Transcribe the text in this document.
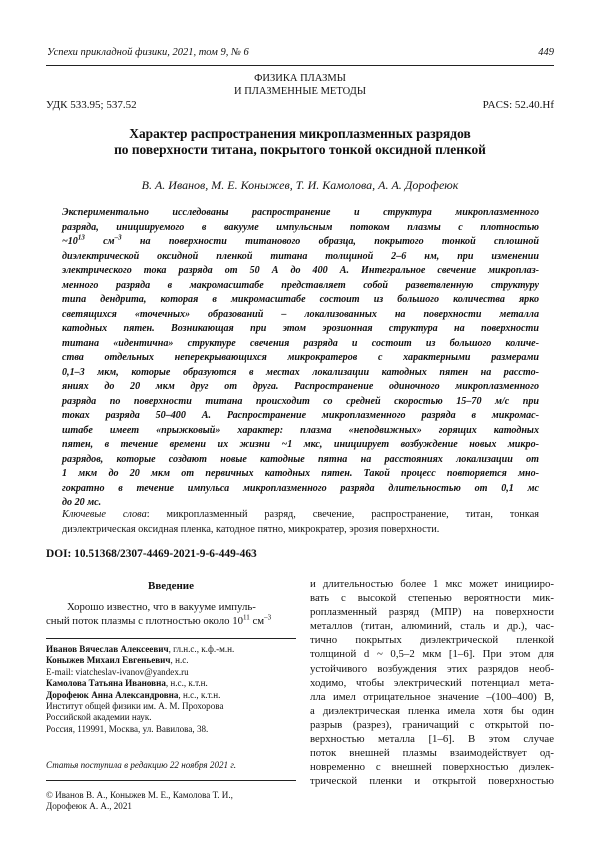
Успехи прикладной физики, 2021, том 9, № 6	449
ФИЗИКА ПЛАЗМЫ
И ПЛАЗМЕННЫЕ МЕТОДЫ
УДК 533.95; 537.52	PACS: 52.40.Hf
Характер распространения микроплазменных разрядов
по поверхности титана, покрытого тонкой оксидной пленкой
В. А. Иванов, М. Е. Коныжев, Т. И. Камолова, А. А. Дорофеюк
Экспериментально исследованы распространение и структура микроплазменного
разряда, инициируемого в вакууме импульсным потоком плазмы с плотностью
$\sim 10^{13}$ $см^{-3}$ на поверхности титанового образца, покрытого тонкой сплошной
диэлектрической оксидной пленкой титана толщиной 2–6 нм, при изменении
электрического тока разряда от 50 А до 400 А. Интегральное свечение микроплаз-
менного разряда в макромасштабе представляет собой разветвленную структуру
типа дендрита, которая в микромасштабе состоит из большого количества ярко
светящихся «точечных» образований – локализованных на поверхности металла
катодных пятен. Возникающая при этом эрозионная структура на поверхности
титана «идентична» структуре свечения разряда и состоит из большого количе-
ства отдельных неперекрывающихся микрократеров с характерными размерами
0,1–3 мкм, которые образуются в местах локализации катодных пятен на рассто-
яниях до 20 мкм друг от друга. Распространение одиночного микроплазменного
разряда по поверхности титана происходит со средней скоростью 15–70 м/с при
токах разряда 50–400 А. Распространение микроплазменного разряда в микромас-
штабе имеет «прыжковый» характер: плазма «неподвижных» горящих катодных
пятен, в течение времени их жизни ~1 мкс, инициирует возбуждение новых микро-
разрядов, которые создают новые катодные пятна на расстояниях локализации от
1 мкм до 20 мкм от первичных катодных пятен. Такой процесс повторяется мно-
гократно в течение импульса микроплазменного разряда длительностью от 0,1 мс
до 20 мс.
Ключевые слова: микроплазменный разряд, свечение, распространение, титан, тонкая
диэлектрическая оксидная пленка, катодное пятно, микрократер, эрозия поверхности.
DOI: 10.51368/2307-4469-2021-9-6-449-463
Введение
Хорошо известно, что в вакууме импуль-
сный поток плазмы с плотностью около $10^{11}$ $см^{-3}$
Иванов Вячеслав Алексеевич, гл.н.с., к.ф.-м.н.
Коныжев Михаил Евгеньевич, н.с.
E-mail: viatcheslav-ivanov@yandex.ru
Камолова Татьяна Ивановна, н.с., к.т.н.
Дорофеюк Анна Александровна, н.с., к.т.н.
Институт общей физики им. А. М. Прохорова
Российской академии наук.
Россия, 119991, Москва, ул. Вавилова, 38.
Статья поступила в редакцию 22 ноября 2021 г.
© Иванов В. А., Коныжев М. Е., Камолова Т. И.,
Дорофеюк А. А., 2021
и длительностью более 1 мкс может иницииро-
вать с высокой степенью вероятности мик-
роплазменный разряд (МПР) на поверхности
металлов (титан, алюминий, сталь и др.), час-
тично покрытых диэлектрической пленкой
толщиной d ~ 0,5–2 мкм [1–6]. При этом для
устойчивого возбуждения этих разрядов необ-
ходимо, чтобы электрический потенциал мета-
лла имел отрицательное значение –(100–400) В,
а диэлектрическая пленка имела хотя бы один
разрыв (разрез), граничащий с открытой по-
верхностью металла [1–6]. В этом случае
поток внешней плазмы взаимодействует од-
новременно с внешней поверхностью диэлек-
трической пленки и открытой поверхностью
